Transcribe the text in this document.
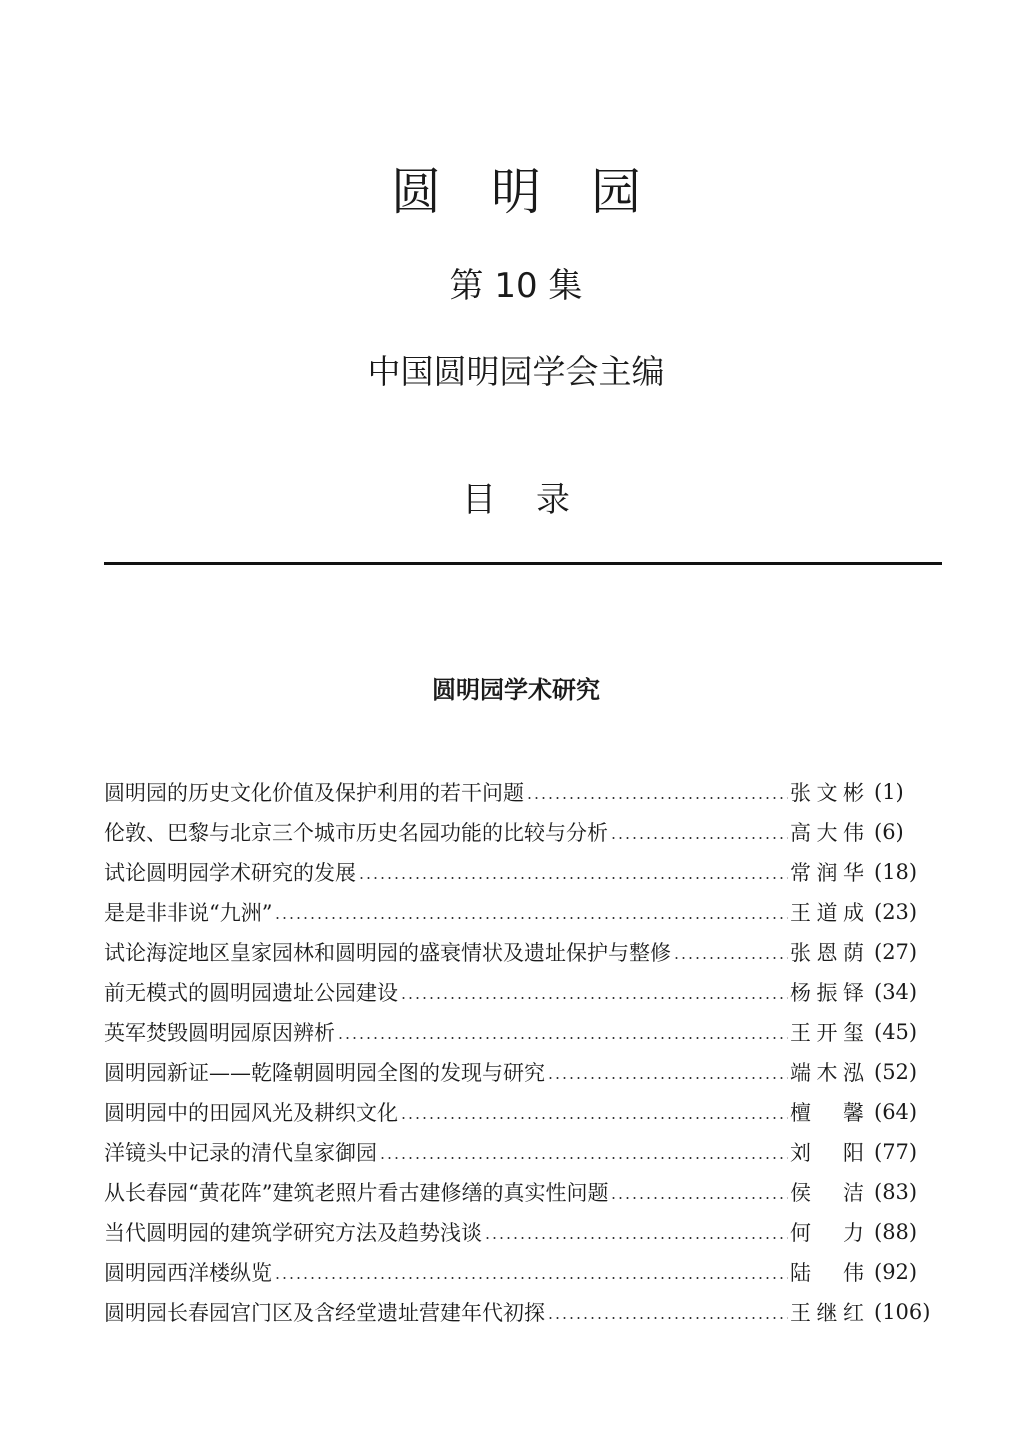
圆明园
第 10 集
中国圆明园学会主编
目录
圆明园学术研究
圆明园的历史文化价值及保护利用的若干问题	张文彬 (1)
伦敦、巴黎与北京三个城市历史名园功能的比较与分析	高大伟 (6)
试论圆明园学术研究的发展	常润华 (18)
是是非非说“九洲”	王道成 (23)
试论海淀地区皇家园林和圆明园的盛衰情状及遗址保护与整修	张恩荫 (27)
前无模式的圆明园遗址公园建设	杨振铎 (34)
英军焚毁圆明园原因辨析	王开玺 (45)
圆明园新证——乾隆朝圆明园全图的发现与研究	端木泓 (52)
圆明园中的田园风光及耕织文化	檀馨 (64)
洋镜头中记录的清代皇家御园	刘阳 (77)
从长春园“黄花阵”建筑老照片看古建修缮的真实性问题	侯洁 (83)
当代圆明园的建筑学研究方法及趋势浅谈	何力 (88)
圆明园西洋楼纵览	陆伟 (92)
圆明园长春园宫门区及含经堂遗址营建年代初探	王继红 (106)
